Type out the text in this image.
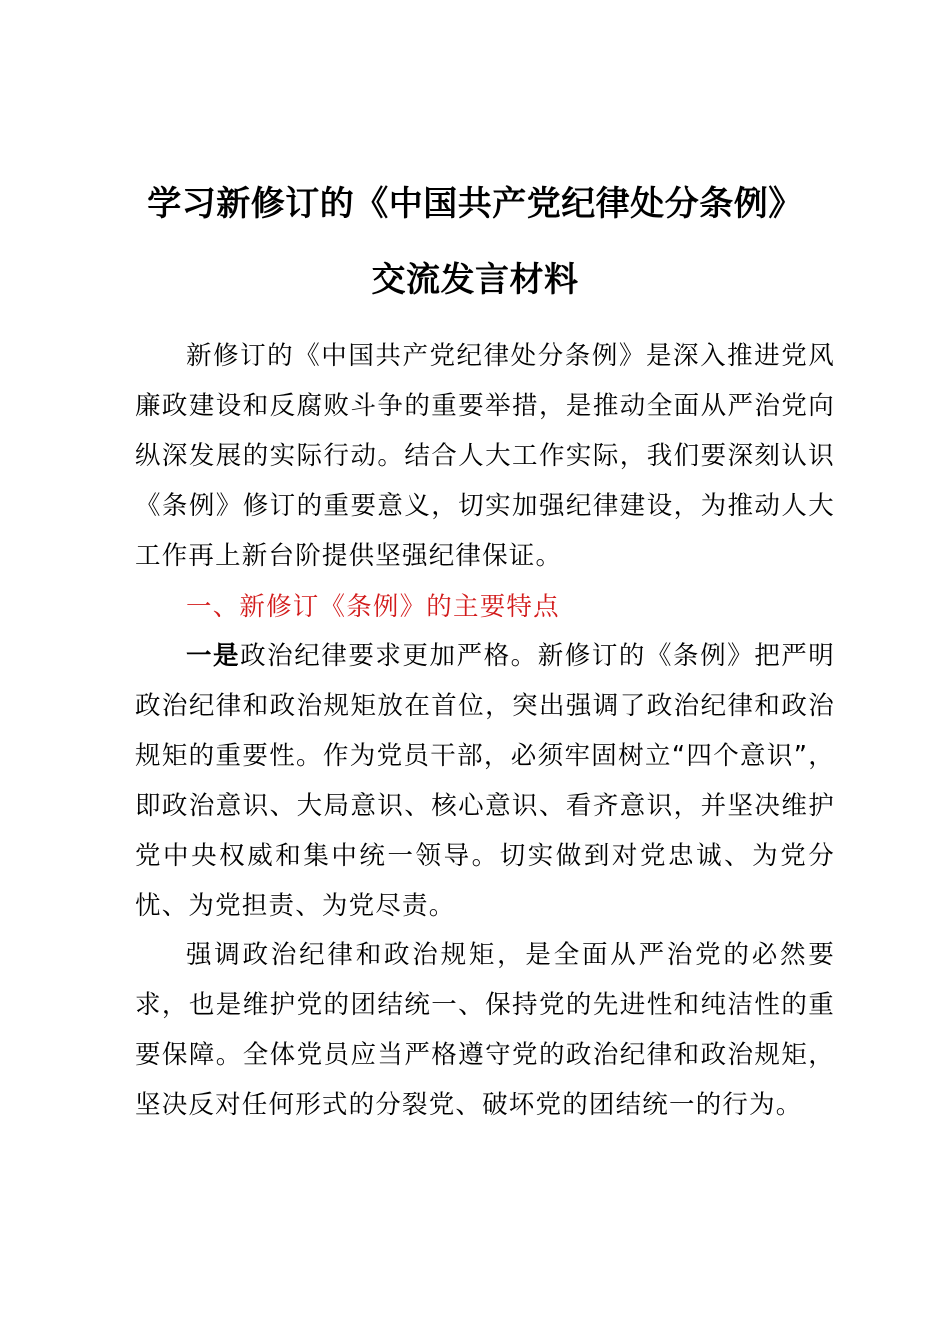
学习新修订的《中国共产党纪律处分条例》
交流发言材料

新修订的《中国共产党纪律处分条例》是深入推进党风廉政建设和反腐败斗争的重要举措，是推动全面从严治党向纵深发展的实际行动。结合人大工作实际，我们要深刻认识《条例》修订的重要意义，切实加强纪律建设，为推动人大工作再上新台阶提供坚强纪律保证。

一、新修订《条例》的主要特点

一是政治纪律要求更加严格。新修订的《条例》把严明政治纪律和政治规矩放在首位，突出强调了政治纪律和政治规矩的重要性。作为党员干部，必须牢固树立“四个意识”，即政治意识、大局意识、核心意识、看齐意识，并坚决维护党中央权威和集中统一领导。切实做到对党忠诚、为党分忧、为党担责、为党尽责。

强调政治纪律和政治规矩，是全面从严治党的必然要求，也是维护党的团结统一、保持党的先进性和纯洁性的重要保障。全体党员应当严格遵守党的政治纪律和政治规矩，坚决反对任何形式的分裂党、破坏党的团结统一的行为。
